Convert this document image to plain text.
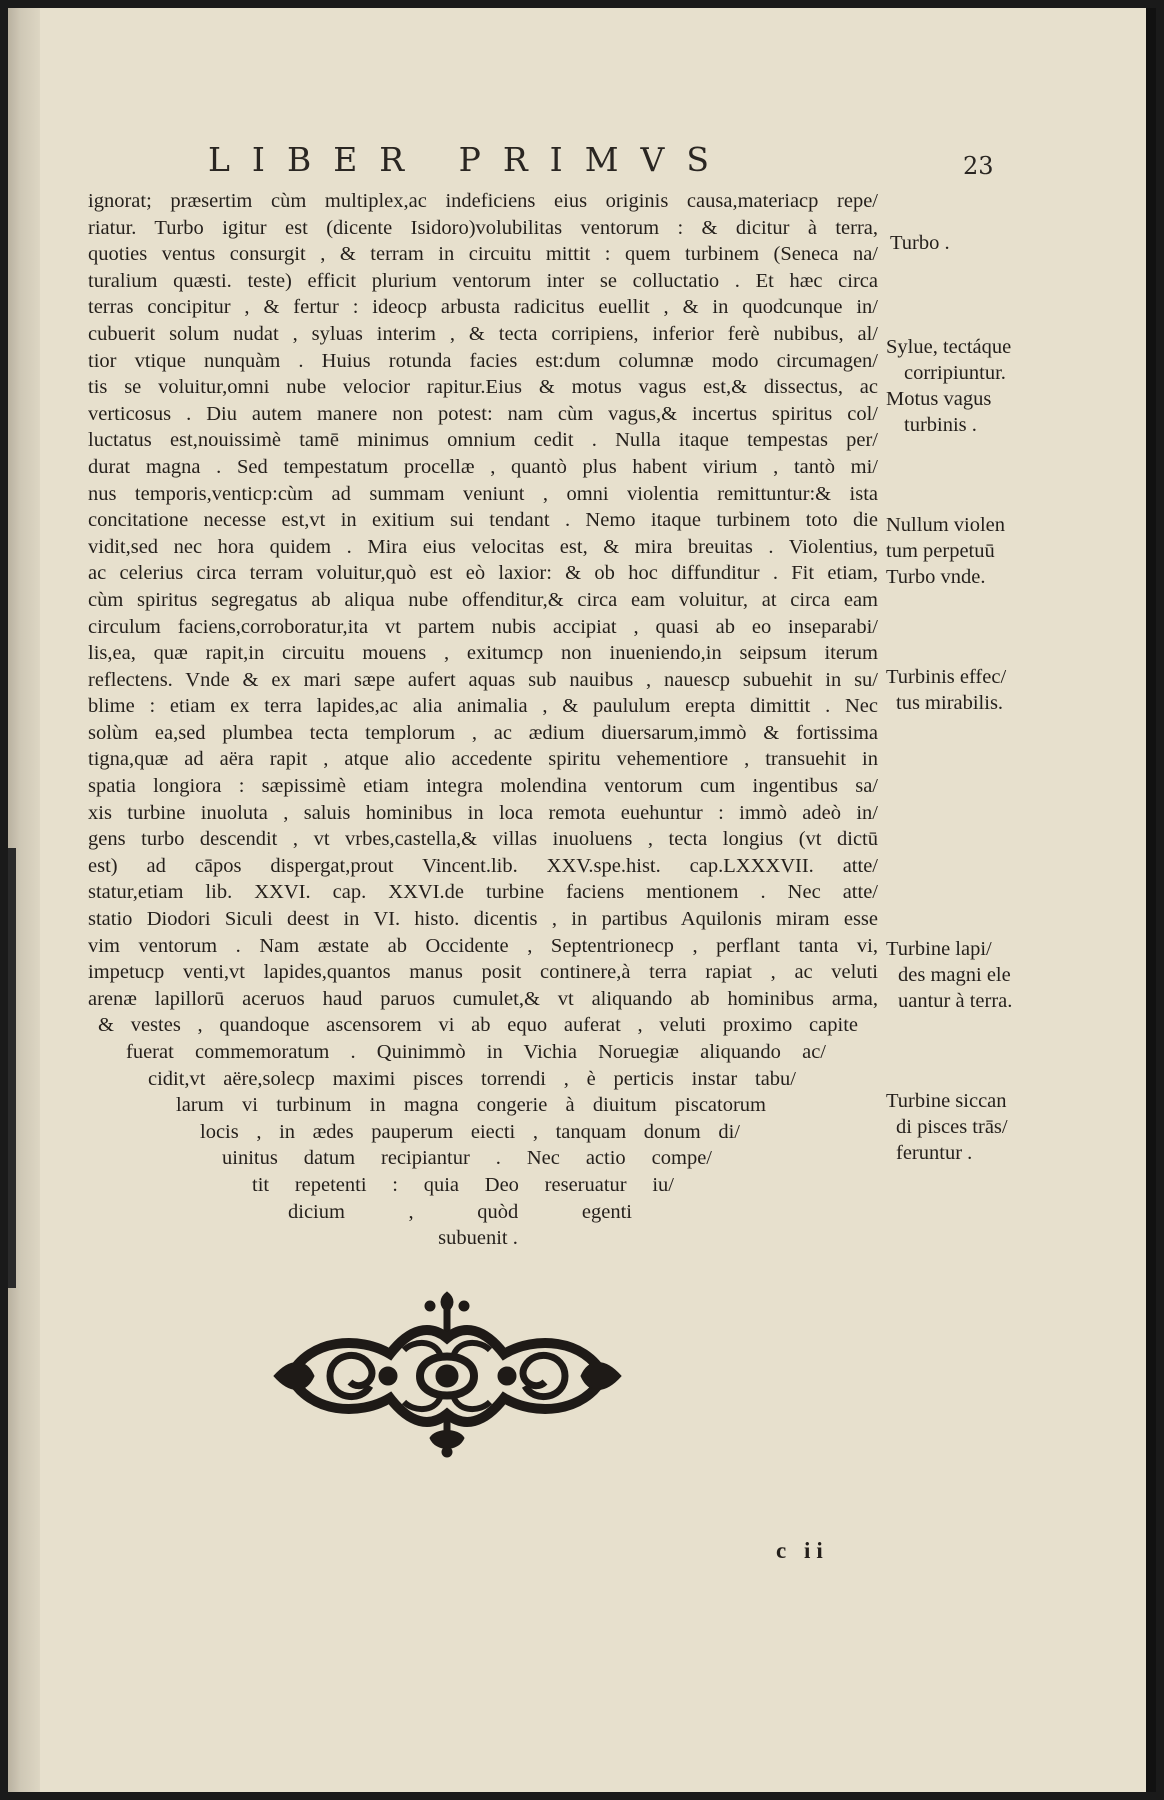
LIBER PRIMVS	23
ignorat; præsertim cùm multiplex,ac indeficiens eius originis causa,materiacp repe/
riatur. Turbo igitur est (dicente Isidoro)volubilitas ventorum : & dicitur à terra,
quoties ventus consurgit , & terram in circuitu mittit : quem turbinem (Seneca na/
turalium quæsti. teste) efficit plurium ventorum inter se colluctatio . Et hæc circa
terras concipitur , & fertur : ideocp arbusta radicitus euellit , & in quodcunque in/
cubuerit solum nudat , syluas interim , & tecta corripiens, inferior ferè nubibus, al/
tior vtique nunquàm . Huius rotunda facies est:dum columnæ modo circumagen/
tis se voluitur,omni nube velocior rapitur.Eius & motus vagus est,& dissectus, ac
verticosus . Diu autem manere non potest: nam cùm vagus,& incertus spiritus col/
luctatus est,nouissimè tamē minimus omnium cedit . Nulla itaque tempestas per/
durat magna . Sed tempestatum procellæ , quantò plus habent virium , tantò mi/
nus temporis,venticp:cùm ad summam veniunt , omni violentia remittuntur:& ista
concitatione necesse est,vt in exitium sui tendant . Nemo itaque turbinem toto die
vidit,sed nec hora quidem . Mira eius velocitas est, & mira breuitas . Violentius,
ac celerius circa terram voluitur,quò est eò laxior: & ob hoc diffunditur . Fit etiam,
cùm spiritus segregatus ab aliqua nube offenditur,& circa eam voluitur, at circa eam
circulum faciens,corroboratur,ita vt partem nubis accipiat , quasi ab eo inseparabi/
lis,ea, quæ rapit,in circuitu mouens , exitumcp non inueniendo,in seipsum iterum
reflectens. Vnde & ex mari sæpe aufert aquas sub nauibus , nauescp subuehit in su/
blime : etiam ex terra lapides,ac alia animalia , & paululum erepta dimittit . Nec
solùm ea,sed plumbea tecta templorum , ac ædium diuersarum,immò & fortissima
tigna,quæ ad aëra rapit , atque alio accedente spiritu vehementiore , transuehit in
spatia longiora : sæpissimè etiam integra molendina ventorum cum ingentibus sa/
xis turbine inuoluta , saluis hominibus in loca remota euehuntur : immò adeò in/
gens turbo descendit , vt vrbes,castella,& villas inuoluens , tecta longius (vt dictū
est) ad cāpos dispergat,prout Vincent.lib. XXV.spe.hist. cap.LXXXVII. atte/
statur,etiam lib. XXVI. cap. XXVI.de turbine faciens mentionem . Nec atte/
statio Diodori Siculi deest in VI. histo. dicentis , in partibus Aquilonis miram esse
vim ventorum . Nam æstate ab Occidente , Septentrionecp , perflant tanta vi,
impetucp venti,vt lapides,quantos manus posit continere,à terra rapiat , ac veluti
arenæ lapillorū aceruos haud paruos cumulet,& vt aliquando ab hominibus arma,
& vestes , quandoque ascensorem vi ab equo auferat , veluti proximo capite
fuerat commemoratum . Quinimmò in Vichia Noruegiæ aliquando ac/
cidit,vt aëre,solecp maximi pisces torrendi , è perticis instar tabu/
larum vi turbinum in magna congerie à diuitum piscatorum
locis , in ædes pauperum eiecti , tanquam donum di/
uinitus datum recipiantur . Nec actio compe/
tit repetenti : quia Deo reseruatur iu/
dicium , quòd egenti
subuenit .
Turbo .
Sylue, tectáque
corripiuntur.
Motus vagus
turbinis .
Nullum violen
tum perpetuū
Turbo vnde.
Turbinis effec/
tus mirabilis.
Turbine lapi/
des magni ele
uantur à terra.
Turbine siccan
di pisces trās/
feruntur .
c ii
